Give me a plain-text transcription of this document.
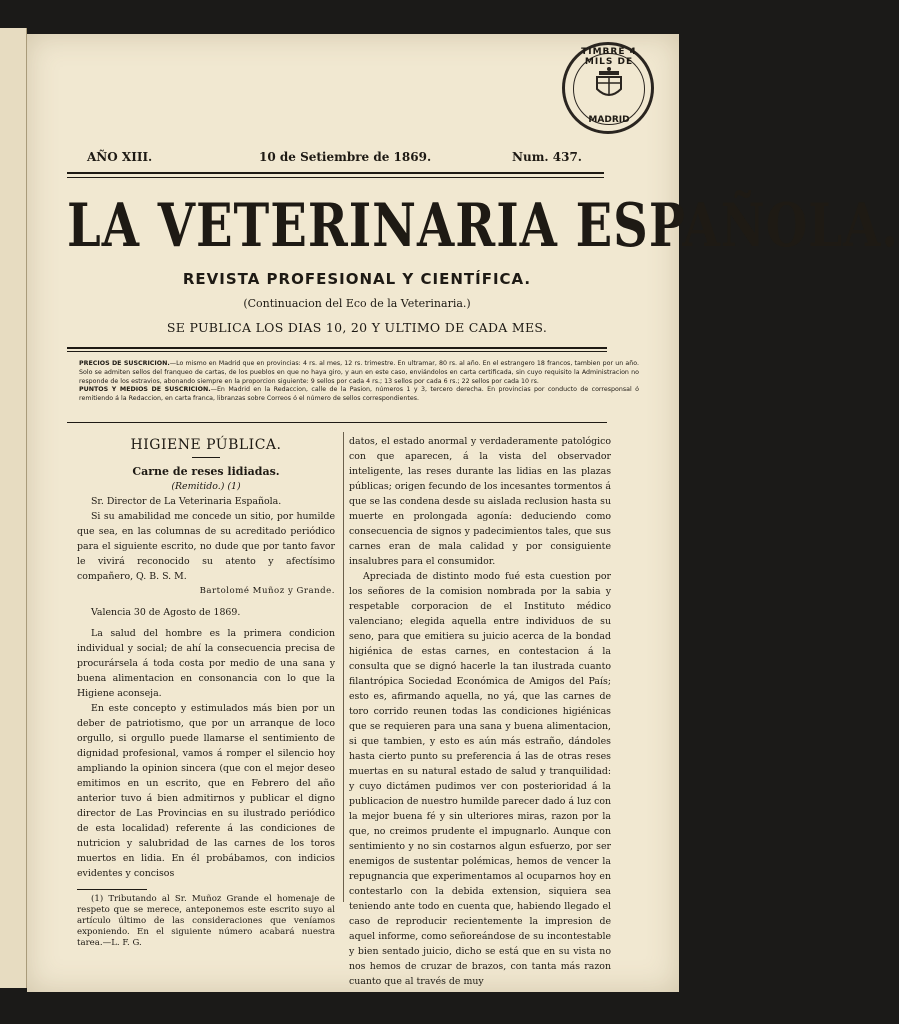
TIMBRE 4 MILS DE
MADRID
AÑO XIII.	10 de Setiembre de 1869.	Num. 437.
LA VETERINARIA ESPAÑOLA.
REVISTA PROFESIONAL Y CIENTÍFICA.
(Continuacion del Eco de la Veterinaria.)
SE PUBLICA LOS DIAS 10, 20 Y ULTIMO DE CADA MES.
PRECIOS DE SUSCRICION.—Lo mismo en Madrid que en provincias: 4 rs. al mes, 12 rs. trimestre. En ultramar, 80 rs. al año. En el estrangero 18 francos, tambien por un año. Solo se admiten sellos del franqueo de cartas, de los pueblos en que no haya giro, y aun en este caso, enviándolos en carta certificada, sin cuyo requisito la Administracion no responde de los estravios, abonando siempre en la proporcion siguiente: 9 sellos por cada 4 rs.; 13 sellos por cada 6 rs.; 22 sellos por cada 10 rs.
PUNTOS Y MEDIOS DE SUSCRICION.—En Madrid en la Redaccion, calle de la Pasion, números 1 y 3, tercero derecha. En provincias por conducto de corresponsal ó remitiendo á la Redaccion, en carta franca, libranzas sobre Correos ó el número de sellos correspondientes.
HIGIENE PÚBLICA.

Carne de reses lidiadas.

(Remitido.) (1)

Sr. Director de La Veterinaria Española.

Si su amabilidad me concede un sitio, por humilde que sea, en las columnas de su acreditado periódico para el siguiente escrito, no dude que por tanto favor le vivirá reconocido su atento y afectísimo compañero, Q. B. S. M.

Bartolomé Muñoz y Grande.

Valencia 30 de Agosto de 1869.

La salud del hombre es la primera condicion individual y social; de ahí la consecuencia precisa de procurársela á toda costa por medio de una sana y buena alimentacion en consonancia con lo que la Higiene aconseja.

En este concepto y estimulados más bien por un deber de patriotismo, que por un arranque de loco orgullo, si orgullo puede llamarse el sentimiento de dignidad profesional, vamos á romper el silencio hoy ampliando la opinion sincera (que con el mejor deseo emitimos en un escrito, que en Febrero del año anterior tuvo á bien admitirnos y publicar el digno director de Las Provincias en su ilustrado periódico de esta localidad) referente á las condiciones de nutricion y salubridad de las carnes de los toros muertos en lidia. En él probábamos, con indicios evidentes y concisos

(1) Tributando al Sr. Muñoz Grande el homenaje de respeto que se merece, anteponemos este escrito suyo al artículo último de las consideraciones que veníamos exponiendo. En el siguiente número acabará nuestra tarea.—L. F. G.

datos, el estado anormal y verdaderamente patológico con que aparecen, á la vista del observador inteligente, las reses durante las lidias en las plazas públicas; origen fecundo de los incesantes tormentos á que se las condena desde su aislada reclusion hasta su muerte en prolongada agonía: deduciendo como consecuencia de signos y padecimientos tales, que sus carnes eran de mala calidad y por consiguiente insalubres para el consumidor.

Apreciada de distinto modo fué esta cuestion por los señores de la comision nombrada por la sabia y respetable corporacion de el Instituto médico valenciano; elegida aquella entre individuos de su seno, para que emitiera su juicio acerca de la bondad higiénica de estas carnes, en contestacion á la consulta que se dignó hacerle la tan ilustrada cuanto filantrópica Sociedad Económica de Amigos del País; esto es, afirmando aquella, no yá, que las carnes de toro corrido reunen todas las condiciones higiénicas que se requieren para una sana y buena alimentacion, si que tambien, y esto es aún más estraño, dándoles hasta cierto punto su preferencia á las de otras reses muertas en su natural estado de salud y tranquilidad: y cuyo dictámen pudimos ver con posterioridad á la publicacion de nuestro humilde parecer dado á luz con la mejor buena fé y sin ulteriores miras, razon por la que, no creimos prudente el impugnarlo. Aunque con sentimiento y no sin costarnos algun esfuerzo, por ser enemigos de sustentar polémicas, hemos de vencer la repugnancia que experimentamos al ocuparnos hoy en contestarlo con la debida extension, siquiera sea teniendo ante todo en cuenta que, habiendo llegado el caso de reproducir recientemente la impresion de aquel informe, como señoreándose de su incontestable y bien sentado juicio, dicho se está que en su vista no nos hemos de cruzar de brazos, con tanta más razon cuanto que al través de muy
